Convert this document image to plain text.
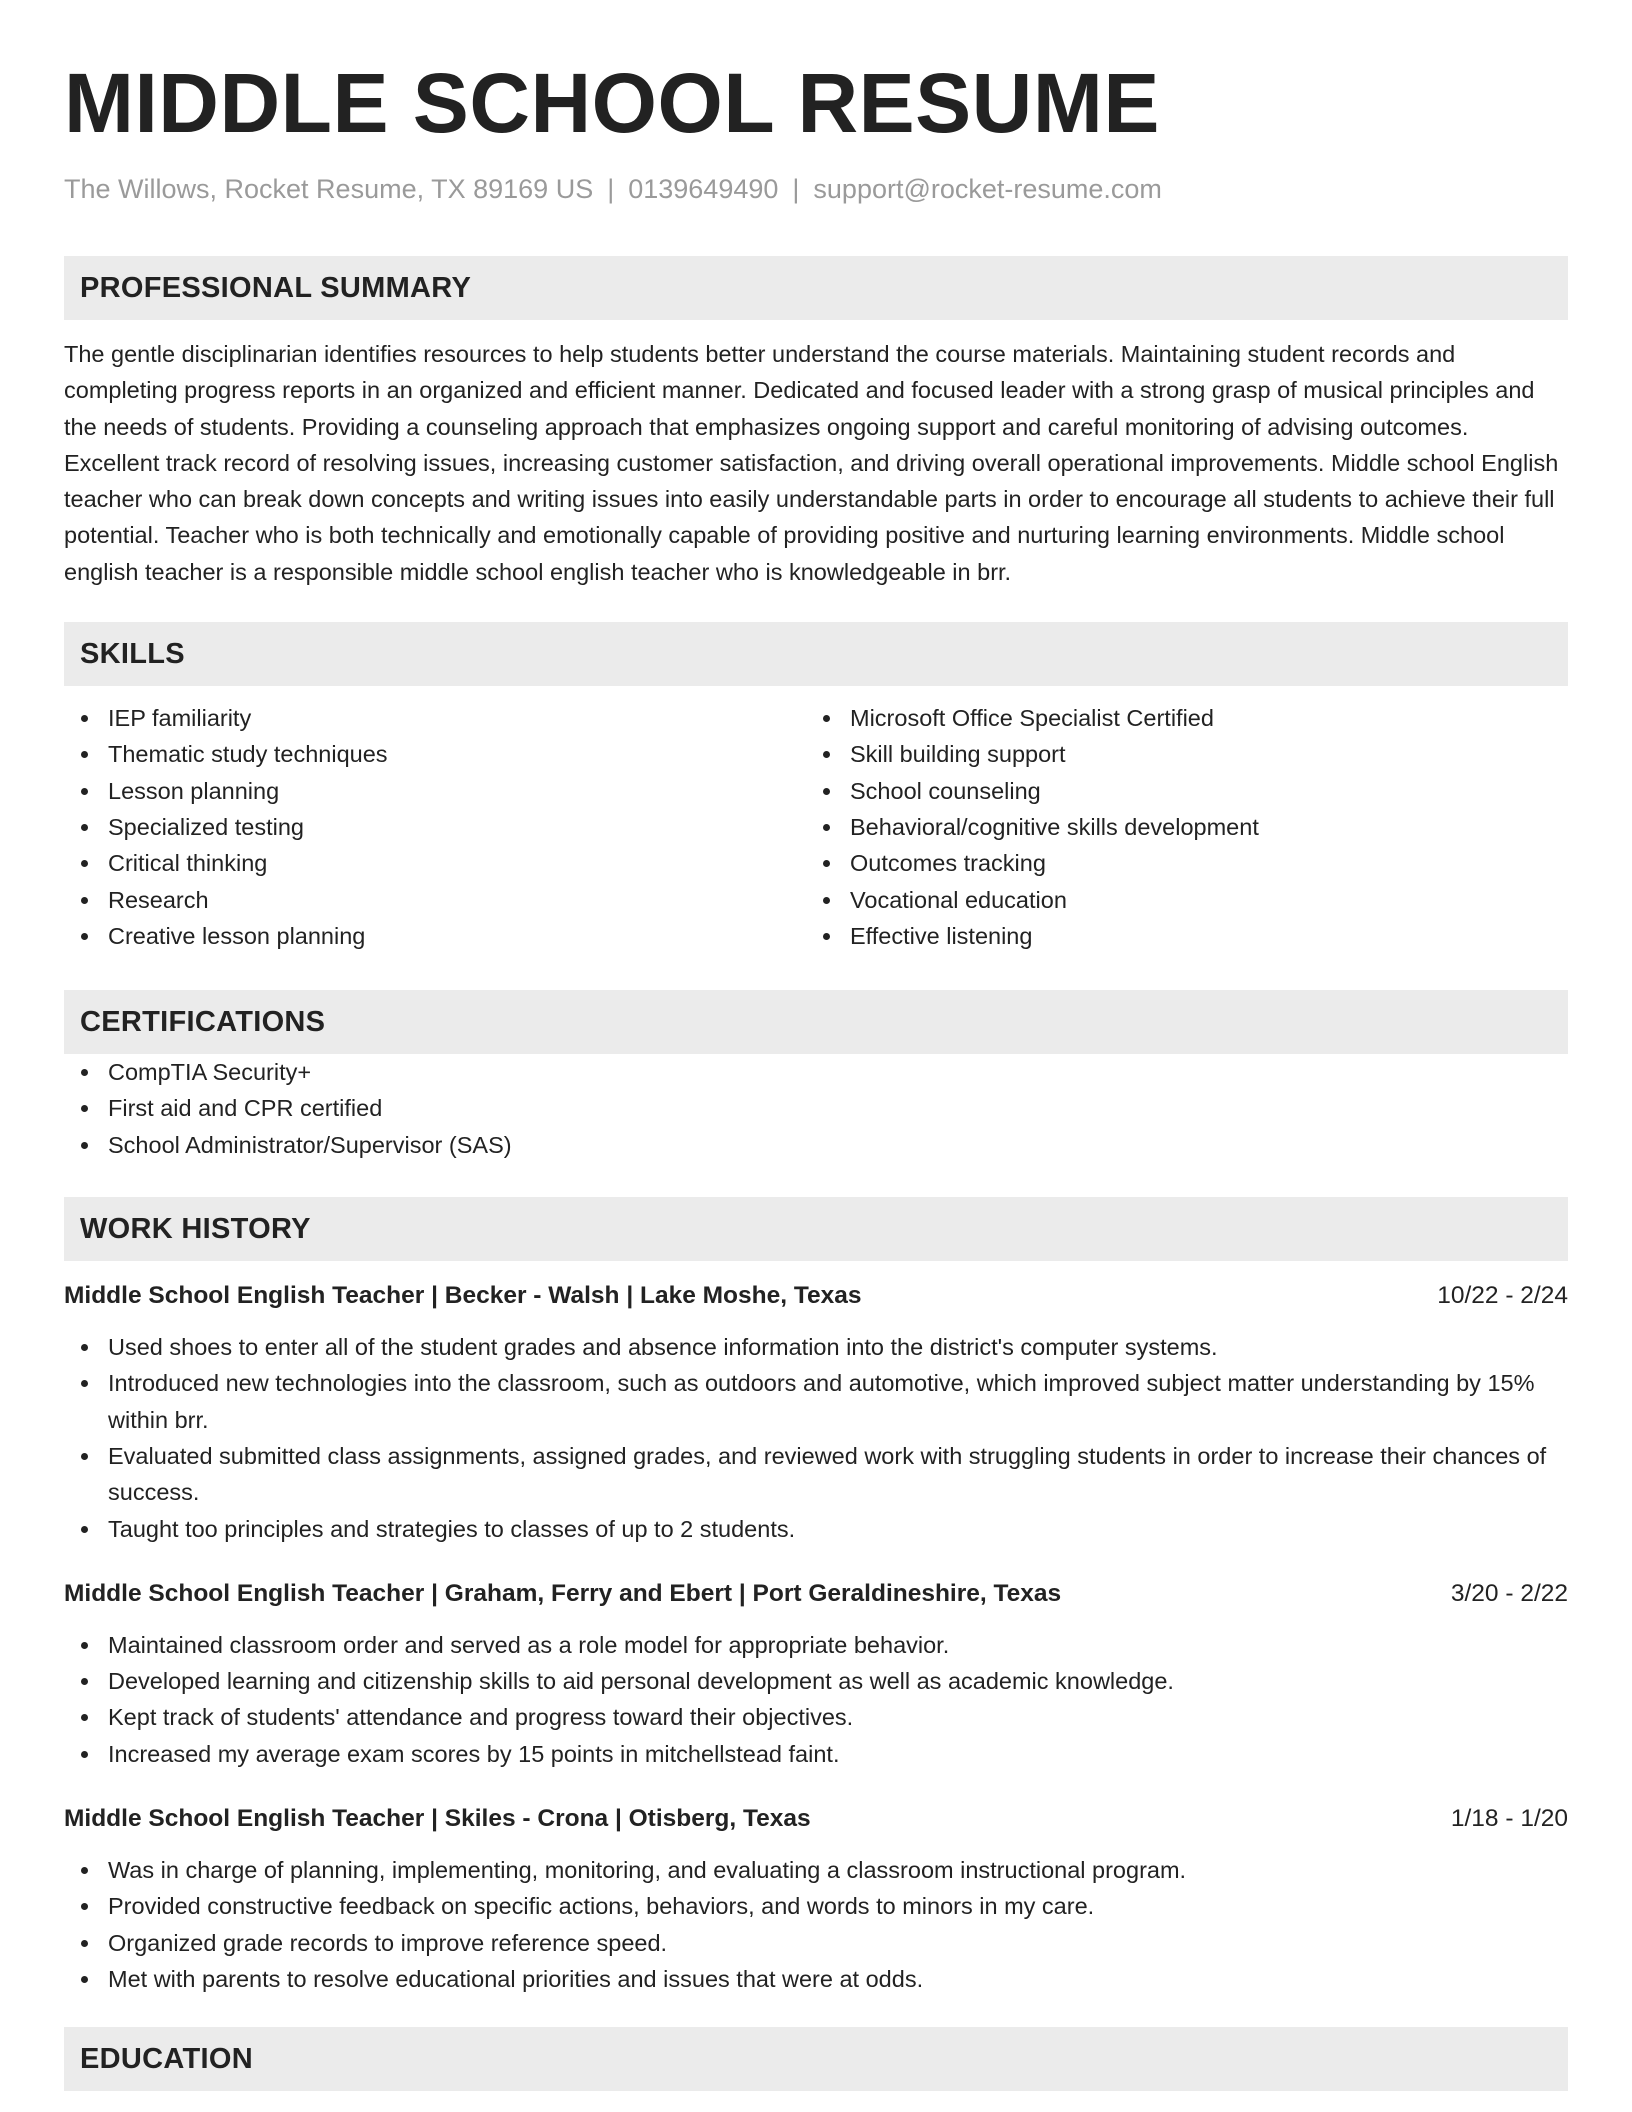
MIDDLE SCHOOL RESUME
The Willows, Rocket Resume, TX 89169 US | 0139649490 | support@rocket-resume.com
PROFESSIONAL SUMMARY

The gentle disciplinarian identifies resources to help students better understand the course materials. Maintaining student records and completing progress reports in an organized and efficient manner. Dedicated and focused leader with a strong grasp of musical principles and the needs of students. Providing a counseling approach that emphasizes ongoing support and careful monitoring of advising outcomes. Excellent track record of resolving issues, increasing customer satisfaction, and driving overall operational improvements. Middle school English teacher who can break down concepts and writing issues into easily understandable parts in order to encourage all students to achieve their full potential. Teacher who is both technically and emotionally capable of providing positive and nurturing learning environments. Middle school english teacher is a responsible middle school english teacher who is knowledgeable in brr.

SKILLS
IEP familiarity
Thematic study techniques
Lesson planning
Specialized testing
Critical thinking
Research
Creative lesson planning
Microsoft Office Specialist Certified
Skill building support
School counseling
Behavioral/cognitive skills development
Outcomes tracking
Vocational education
Effective listening
CERTIFICATIONS
CompTIA Security+
First aid and CPR certified
School Administrator/Supervisor (SAS)
WORK HISTORY
Middle School English Teacher | Becker - Walsh | Lake Moshe, Texas	10/22 - 2/24
Used shoes to enter all of the student grades and absence information into the district's computer systems.
Introduced new technologies into the classroom, such as outdoors and automotive, which improved subject matter understanding by 15% within brr.
Evaluated submitted class assignments, assigned grades, and reviewed work with struggling students in order to increase their chances of success.
Taught too principles and strategies to classes of up to 2 students.
Middle School English Teacher | Graham, Ferry and Ebert | Port Geraldineshire, Texas	3/20 - 2/22
Maintained classroom order and served as a role model for appropriate behavior.
Developed learning and citizenship skills to aid personal development as well as academic knowledge.
Kept track of students' attendance and progress toward their objectives.
Increased my average exam scores by 15 points in mitchellstead faint.
Middle School English Teacher | Skiles - Crona | Otisberg, Texas	1/18 - 1/20
Was in charge of planning, implementing, monitoring, and evaluating a classroom instructional program.
Provided constructive feedback on specific actions, behaviors, and words to minors in my care.
Organized grade records to improve reference speed.
Met with parents to resolve educational priorities and issues that were at odds.
EDUCATION
